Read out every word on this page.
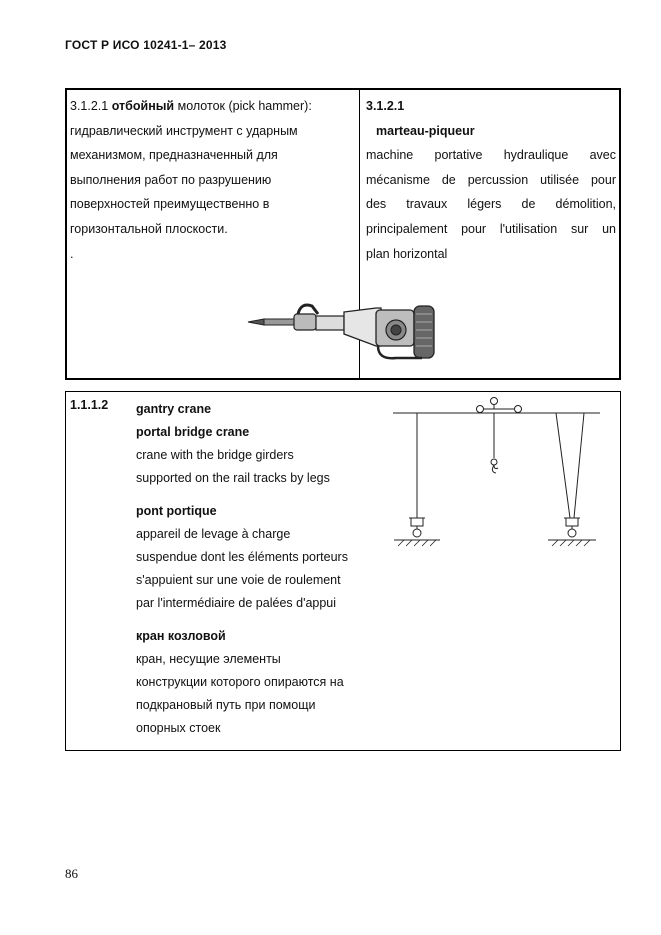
ГОСТ Р ИСО 10241-1– 2013
3.1.2.1 отбойный молоток (pick hammer):
гидравлический инструмент с ударным
механизмом, предназначенный для
выполнения работ по разрушению
поверхностей преимущественно в
горизонтальной плоскости.
.
3.1.2.1
marteau-piqueur
machine portative hydraulique avec
mécanisme de percussion utilisée pour
des travaux légers de démolition,
principalement pour l'utilisation sur un
plan horizontal
1.1.1.2 gantry crane
portal bridge crane
crane with the bridge girders
supported on the rail tracks by legs
pont portique
appareil de levage à charge
suspendue dont les éléments porteurs
s'appuient sur une voie de roulement
par l'intermédiaire de palées d'appui
кран козловой
кран, несущие элементы
конструкции которого опираются на
подкрановый путь при помощи
опорных стоек
86
